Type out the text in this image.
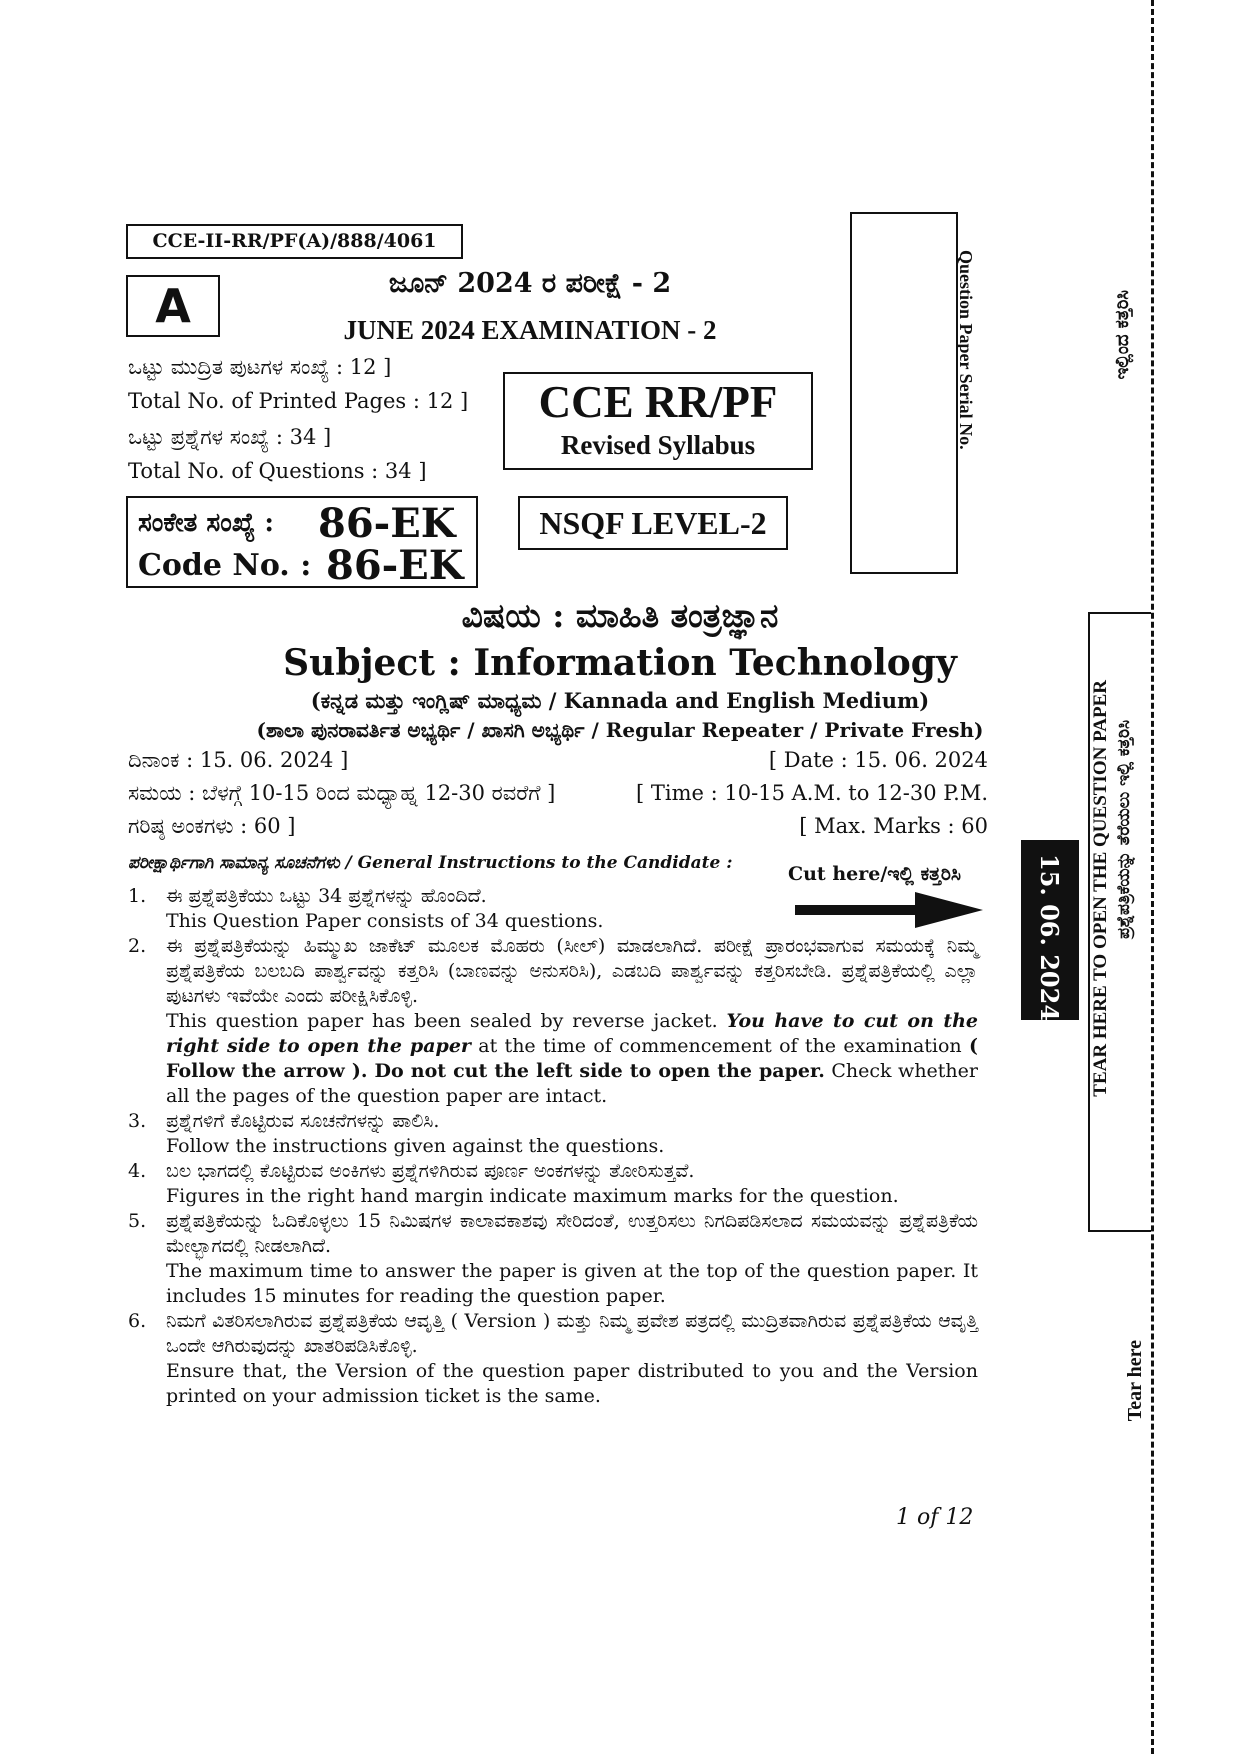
CCE-II-RR/PF(A)/888/4061
A	ಜೂನ್ 2024 ರ ಪರೀಕ್ಷೆ - 2
JUNE 2024 EXAMINATION - 2
ಒಟ್ಟು ಮುದ್ರಿತ ಪುಟಗಳ ಸಂಖ್ಯೆ : 12 ]
Total No. of Printed Pages : 12 ]
ಒಟ್ಟು ಪ್ರಶ್ನೆಗಳ ಸಂಖ್ಯೆ : 34 ]
Total No. of Questions : 34 ]
CCE RR/PF
Revised Syllabus
ಸಂಕೇತ ಸಂಖ್ಯೆ : 86-EK
Code No. : 86-EK
NSQF LEVEL-2
Question Paper Serial No.
ವಿಷಯ : ಮಾಹಿತಿ ತಂತ್ರಜ್ಞಾನ
Subject : Information Technology
(ಕನ್ನಡ ಮತ್ತು ಇಂಗ್ಲಿಷ್ ಮಾಧ್ಯಮ / Kannada and English Medium)
(ಶಾಲಾ ಪುನರಾವರ್ತಿತ ಅಭ್ಯರ್ಥಿ / ಖಾಸಗಿ ಅಭ್ಯರ್ಥಿ / Regular Repeater / Private Fresh)
ದಿನಾಂಕ : 15. 06. 2024 ]	[ Date : 15. 06. 2024
ಸಮಯ : ಬೆಳಗ್ಗೆ 10-15 ರಿಂದ ಮಧ್ಯಾಹ್ನ 12-30 ರವರೆಗೆ ]	[ Time : 10-15 A.M. to 12-30 P.M.
ಗರಿಷ್ಠ ಅಂಕಗಳು : 60 ]	[ Max. Marks : 60
ಪರೀಕ್ಷಾರ್ಥಿಗಾಗಿ ಸಾಮಾನ್ಯ ಸೂಚನೆಗಳು / General Instructions to the Candidate :	Cut here/ಇಲ್ಲಿ ಕತ್ತರಿಸಿ
1.	ಈ ಪ್ರಶ್ನೆಪತ್ರಿಕೆಯು ಒಟ್ಟು 34 ಪ್ರಶ್ನೆಗಳನ್ನು ಹೊಂದಿದೆ.

This Question Paper consists of 34 questions.

2.	ಈ ಪ್ರಶ್ನೆಪತ್ರಿಕೆಯನ್ನು ಹಿಮ್ಮುಖ ಜಾಕೆಟ್ ಮೂಲಕ ಮೊಹರು (ಸೀಲ್) ಮಾಡಲಾಗಿದೆ. ಪರೀಕ್ಷೆ ಪ್ರಾರಂಭವಾಗುವ ಸಮಯಕ್ಕೆ ನಿಮ್ಮ ಪ್ರಶ್ನೆಪತ್ರಿಕೆಯ ಬಲಬದಿ ಪಾರ್ಶ್ವವನ್ನು ಕತ್ತರಿಸಿ (ಬಾಣವನ್ನು ಅನುಸರಿಸಿ), ಎಡಬದಿ ಪಾರ್ಶ್ವವನ್ನು ಕತ್ತರಿಸಬೇಡಿ. ಪ್ರಶ್ನೆಪತ್ರಿಕೆಯಲ್ಲಿ ಎಲ್ಲಾ ಪುಟಗಳು ಇವೆಯೇ ಎಂದು ಪರೀಕ್ಷಿಸಿಕೊಳ್ಳಿ.

This question paper has been sealed by reverse jacket. You have to cut on the right side to open the paper at the time of commencement of the examination ( Follow the arrow ). Do not cut the left side to open the paper. Check whether all the pages of the question paper are intact.

3.	ಪ್ರಶ್ನೆಗಳಿಗೆ ಕೊಟ್ಟಿರುವ ಸೂಚನೆಗಳನ್ನು ಪಾಲಿಸಿ.

Follow the instructions given against the questions.

4.	ಬಲ ಭಾಗದಲ್ಲಿ ಕೊಟ್ಟಿರುವ ಅಂಕಿಗಳು ಪ್ರಶ್ನೆಗಳಿಗಿರುವ ಪೂರ್ಣ ಅಂಕಗಳನ್ನು ತೋರಿಸುತ್ತವೆ.

Figures in the right hand margin indicate maximum marks for the question.

5.	ಪ್ರಶ್ನೆಪತ್ರಿಕೆಯನ್ನು ಓದಿಕೊಳ್ಳಲು 15 ನಿಮಿಷಗಳ ಕಾಲಾವಕಾಶವು ಸೇರಿದಂತೆ, ಉತ್ತರಿಸಲು ನಿಗದಿಪಡಿಸಲಾದ ಸಮಯವನ್ನು ಪ್ರಶ್ನೆಪತ್ರಿಕೆಯ ಮೇಲ್ಭಾಗದಲ್ಲಿ ನೀಡಲಾಗಿದೆ.

The maximum time to answer the paper is given at the top of the question paper. It includes 15 minutes for reading the question paper.

6.	ನಿಮಗೆ ವಿತರಿಸಲಾಗಿರುವ ಪ್ರಶ್ನೆಪತ್ರಿಕೆಯ ಆವೃತ್ತಿ ( Version ) ಮತ್ತು ನಿಮ್ಮ ಪ್ರವೇಶ ಪತ್ರದಲ್ಲಿ ಮುದ್ರಿತವಾಗಿರುವ ಪ್ರಶ್ನೆಪತ್ರಿಕೆಯ ಆವೃತ್ತಿ ಒಂದೇ ಆಗಿರುವುದನ್ನು ಖಾತರಿಪಡಿಸಿಕೊಳ್ಳಿ.

Ensure that, the Version of the question paper distributed to you and the Version printed on your admission ticket is the same.

1 of 12
ಇಲ್ಲಿಂದ ಕತ್ತರಿಸಿ
TEAR HERE TO OPEN THE QUESTION PAPER ಪ್ರಶ್ನೆಪತ್ರಿಕೆಯನ್ನು ತೆರೆಯಲು ಇಲ್ಲಿ ಕತ್ತರಿಸಿ
15. 06. 2024
Tear here
